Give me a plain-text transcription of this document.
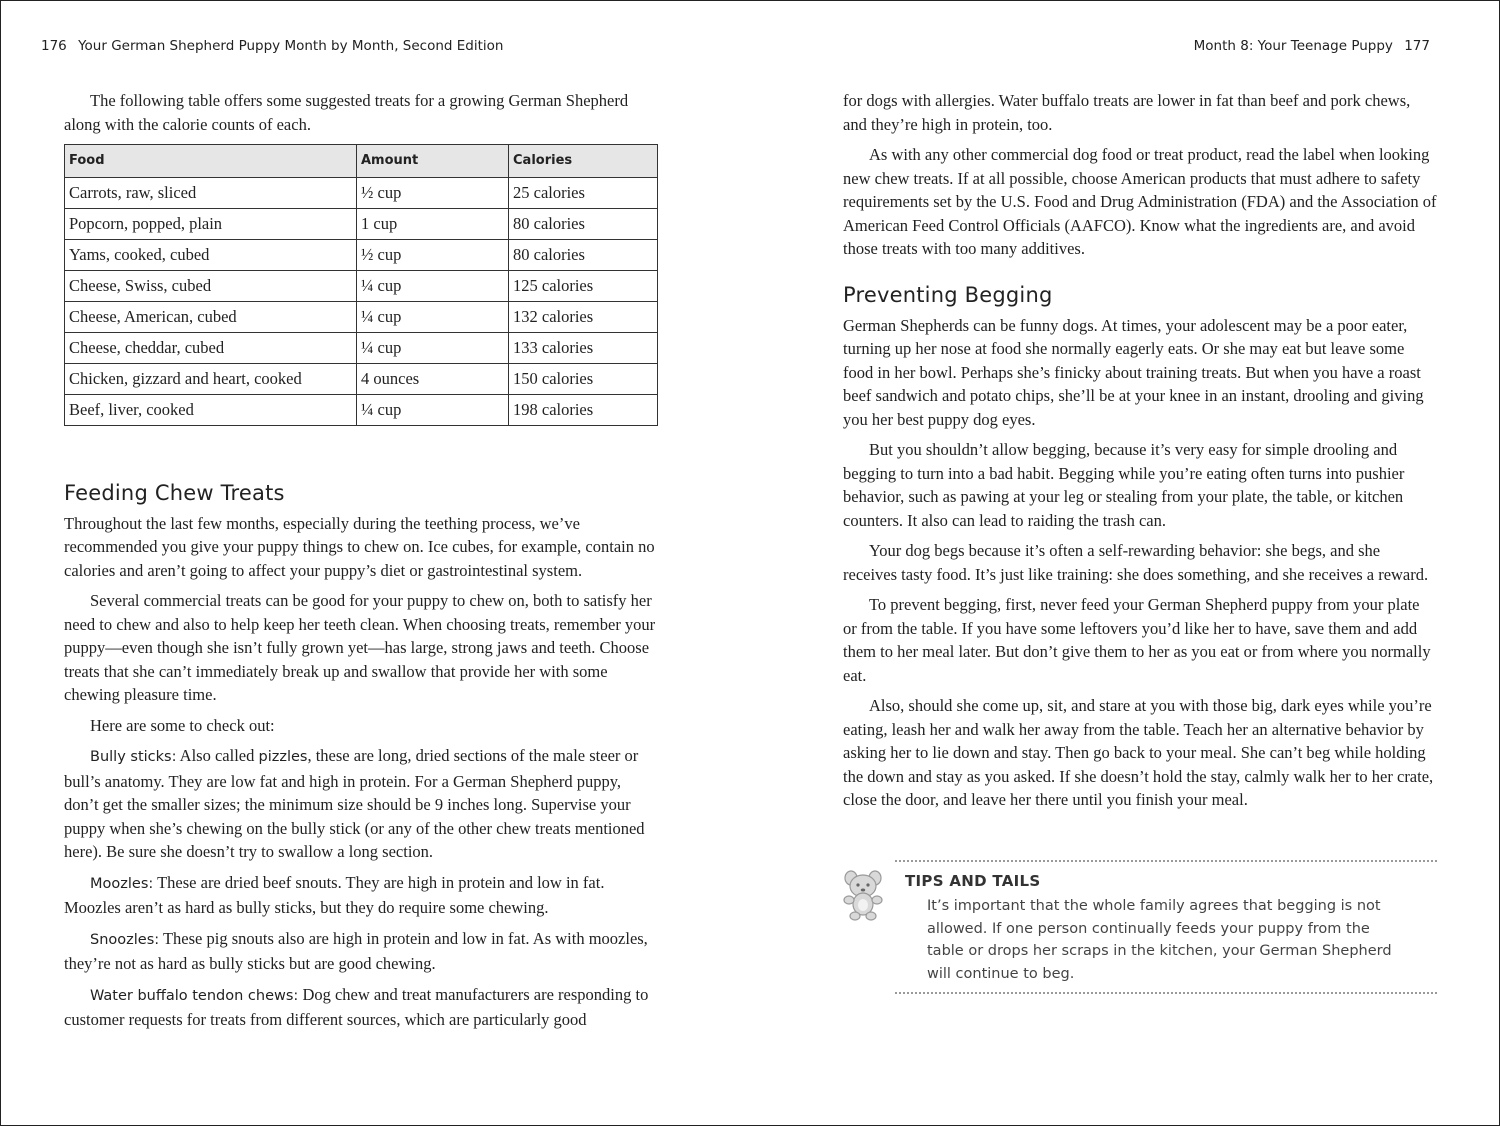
176 Your German Shepherd Puppy Month by Month, Second Edition

The following table offers some suggested treats for a growing German Shepherd along with the calorie counts of each.

Food	Amount	Calories
Carrots, raw, sliced	½ cup	25 calories
Popcorn, popped, plain	1 cup	80 calories
Yams, cooked, cubed	½ cup	80 calories
Cheese, Swiss, cubed	¼ cup	125 calories
Cheese, American, cubed	¼ cup	132 calories
Cheese, cheddar, cubed	¼ cup	133 calories
Chicken, gizzard and heart, cooked	4 ounces	150 calories
Beef, liver, cooked	¼ cup	198 calories
Feeding Chew Treats

Throughout the last few months, especially during the teething process, we’ve recommended you give your puppy things to chew on. Ice cubes, for example, contain no calories and aren’t going to affect your puppy’s diet or gastrointestinal system.

Several commercial treats can be good for your puppy to chew on, both to satisfy her need to chew and also to help keep her teeth clean. When choosing treats, remember your puppy—even though she isn’t fully grown yet—has large, strong jaws and teeth. Choose treats that she can’t immediately break up and swallow that provide her with some chewing pleasure time.

Here are some to check out:

Bully sticks: Also called pizzles, these are long, dried sections of the male steer or bull’s anatomy. They are low fat and high in protein. For a German Shepherd puppy, don’t get the smaller sizes; the minimum size should be 9 inches long. Supervise your puppy when she’s chewing on the bully stick (or any of the other chew treats mentioned here). Be sure she doesn’t try to swallow a long section.

Moozles: These are dried beef snouts. They are high in protein and low in fat. Moozles aren’t as hard as bully sticks, but they do require some chewing.

Snoozles: These pig snouts also are high in protein and low in fat. As with moozles, they’re not as hard as bully sticks but are good chewing.

Water buffalo tendon chews: Dog chew and treat manufacturers are responding to customer requests for treats from different sources, which are particularly good

Month 8: Your Teenage Puppy 177

for dogs with allergies. Water buffalo treats are lower in fat than beef and pork chews, and they’re high in protein, too.

As with any other commercial dog food or treat product, read the label when looking new chew treats. If at all possible, choose American products that must adhere to safety requirements set by the U.S. Food and Drug Administration (FDA) and the Association of American Feed Control Officials (AAFCO). Know what the ingredients are, and avoid those treats with too many additives.

Preventing Begging

German Shepherds can be funny dogs. At times, your adolescent may be a poor eater, turning up her nose at food she normally eagerly eats. Or she may eat but leave some food in her bowl. Perhaps she’s finicky about training treats. But when you have a roast beef sandwich and potato chips, she’ll be at your knee in an instant, drooling and giving you her best puppy dog eyes.

But you shouldn’t allow begging, because it’s very easy for simple drooling and begging to turn into a bad habit. Begging while you’re eating often turns into pushier behavior, such as pawing at your leg or stealing from your plate, the table, or kitchen counters. It also can lead to raiding the trash can.

Your dog begs because it’s often a self-rewarding behavior: she begs, and she receives tasty food. It’s just like training: she does something, and she receives a reward.

To prevent begging, first, never feed your German Shepherd puppy from your plate or from the table. If you have some leftovers you’d like her to have, save them and add them to her meal later. But don’t give them to her as you eat or from where you normally eat.

Also, should she come up, sit, and stare at you with those big, dark eyes while you’re eating, leash her and walk her away from the table. Teach her an alternative behavior by asking her to lie down and stay. Then go back to your meal. She can’t beg while holding the down and stay as you asked. If she doesn’t hold the stay, calmly walk her to her crate, close the door, and leave her there until you finish your meal.

TIPS AND TAILS
It’s important that the whole family agrees that begging is not allowed. If one person continually feeds your puppy from the table or drops her scraps in the kitchen, your German Shepherd will continue to beg.
